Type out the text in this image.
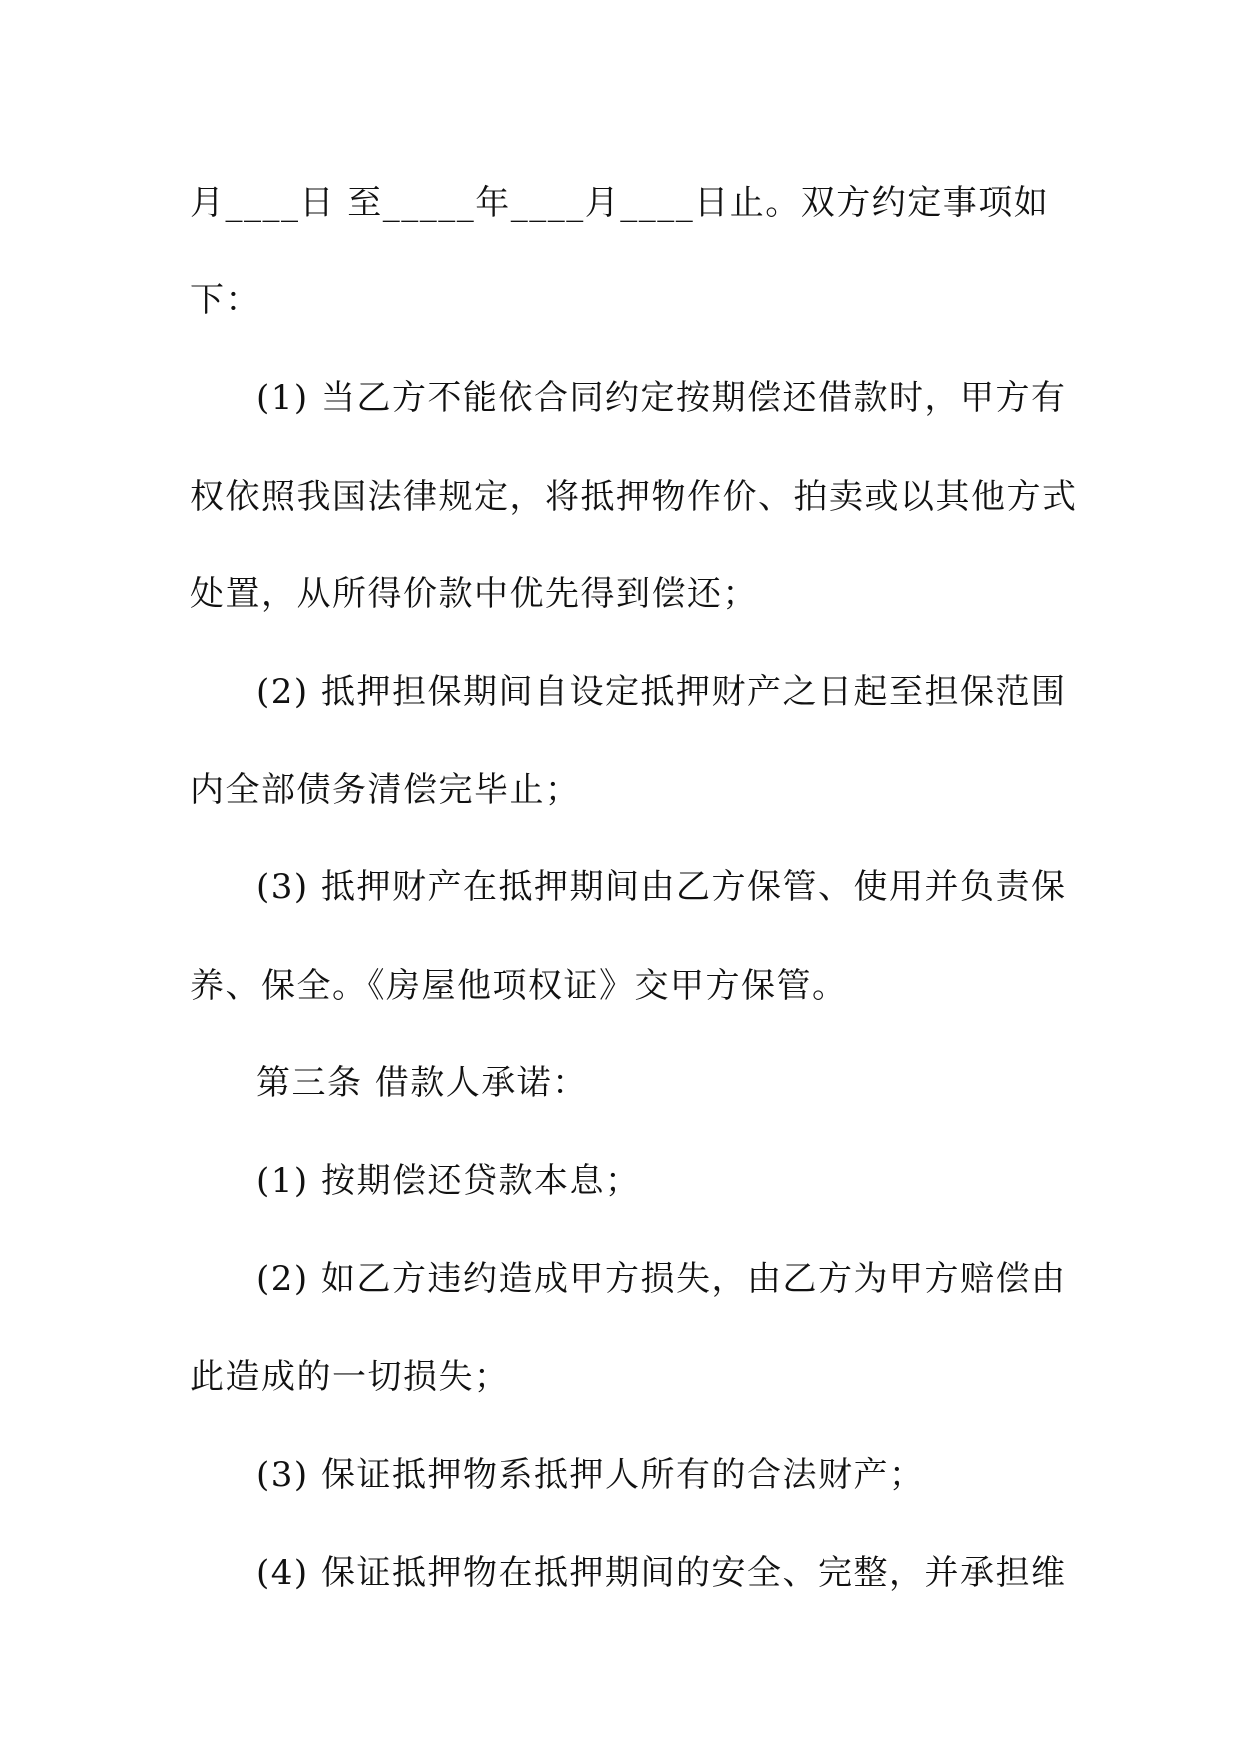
月____日 至_____年____月____日止。双方约定事项如
下：
(1) 当乙方不能依合同约定按期偿还借款时，甲方有
权依照我国法律规定，将抵押物作价、拍卖或以其他方式
处置，从所得价款中优先得到偿还；
(2) 抵押担保期间自设定抵押财产之日起至担保范围
内全部债务清偿完毕止；
(3) 抵押财产在抵押期间由乙方保管、使用并负责保
养、保全。《房屋他项权证》交甲方保管。
第三条 借款人承诺：
(1) 按期偿还贷款本息；
(2) 如乙方违约造成甲方损失，由乙方为甲方赔偿由
此造成的一切损失；
(3) 保证抵押物系抵押人所有的合法财产；
(4) 保证抵押物在抵押期间的安全、完整，并承担维
